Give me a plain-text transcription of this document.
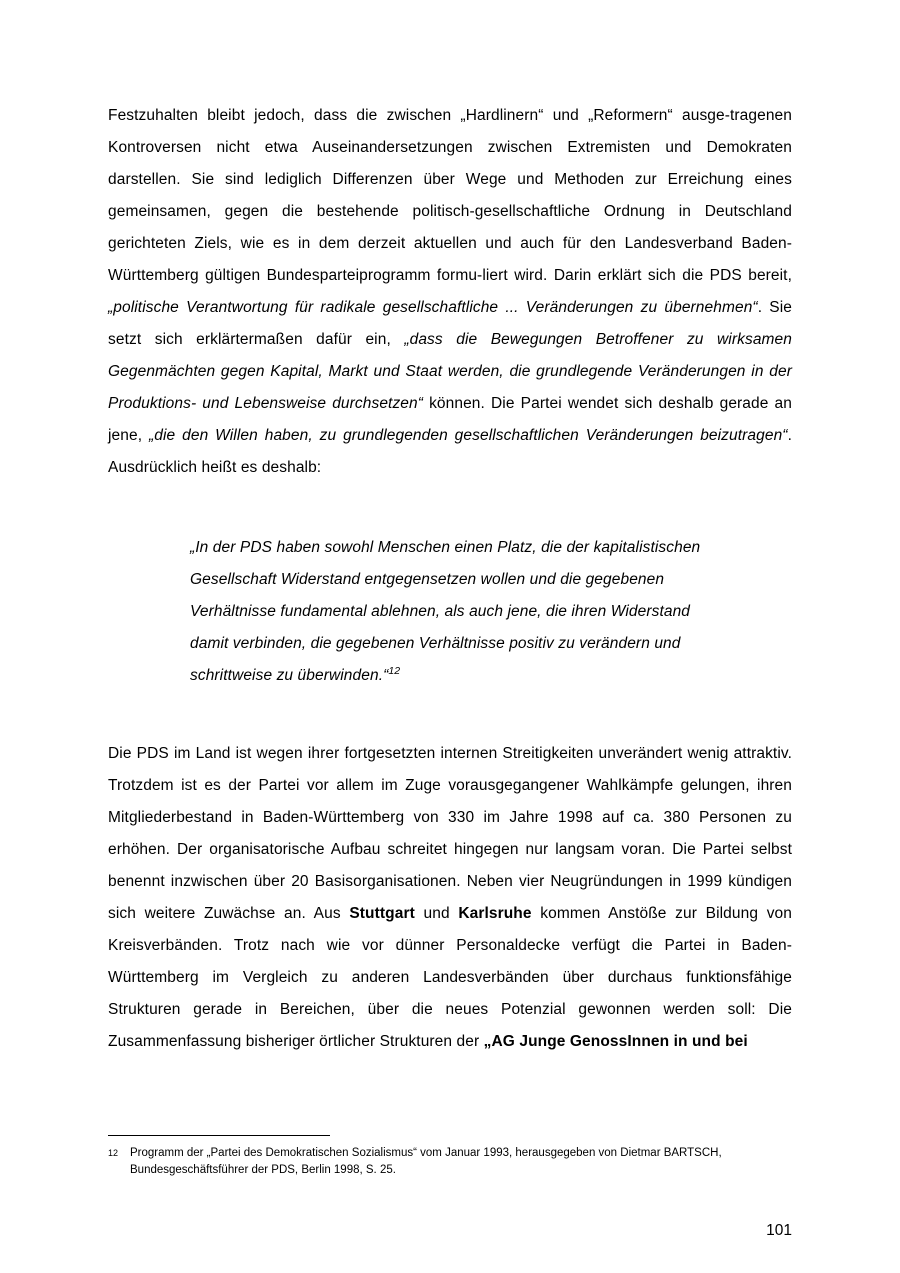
Festzuhalten bleibt jedoch, dass die zwischen „Hardlinern“ und „Reformern“ ausge-tragenen Kontroversen nicht etwa Auseinandersetzungen zwischen Extremisten und Demokraten darstellen. Sie sind lediglich Differenzen über Wege und Methoden zur Erreichung eines gemeinsamen, gegen die bestehende politisch-gesellschaftliche Ordnung in Deutschland gerichteten Ziels, wie es in dem derzeit aktuellen und auch für den Landesverband Baden-Württemberg gültigen Bundesparteiprogramm formu-liert wird. Darin erklärt sich die PDS bereit, „politische Verantwortung für radikale gesellschaftliche ... Veränderungen zu übernehmen“. Sie setzt sich erklärtermaßen dafür ein, „dass die Bewegungen Betroffener zu wirksamen Gegenmächten gegen Kapital, Markt und Staat werden, die grundlegende Veränderungen in der Produktions- und Lebensweise durchsetzen“ können. Die Partei wendet sich deshalb gerade an jene, „die den Willen haben, zu grundlegenden gesellschaftlichen Veränderungen beizutragen“. Ausdrücklich heißt es deshalb:

„In der PDS haben sowohl Menschen einen Platz, die der kapitalistischen Gesellschaft Widerstand entgegensetzen wollen und die gegebenen Verhältnisse fundamental ablehnen, als auch jene, die ihren Widerstand damit verbinden, die gegebenen Verhältnisse positiv zu verändern und schrittweise zu überwinden.“$^{12}$

Die PDS im Land ist wegen ihrer fortgesetzten internen Streitigkeiten unverändert wenig attraktiv. Trotzdem ist es der Partei vor allem im Zuge vorausgegangener Wahlkämpfe gelungen, ihren Mitgliederbestand in Baden-Württemberg von 330 im Jahre 1998 auf ca. 380 Personen zu erhöhen. Der organisatorische Aufbau schreitet hingegen nur langsam voran. Die Partei selbst benennt inzwischen über 20 Basisorganisationen. Neben vier Neugründungen in 1999 kündigen sich weitere Zuwächse an. Aus Stuttgart und Karlsruhe kommen Anstöße zur Bildung von Kreisverbänden. Trotz nach wie vor dünner Personaldecke verfügt die Partei in Baden-Württemberg im Vergleich zu anderen Landesverbänden über durchaus funktionsfähige Strukturen gerade in Bereichen, über die neues Potenzial gewonnen werden soll: Die Zusammenfassung bisheriger örtlicher Strukturen der „AG Junge GenossInnen in und bei

12	Programm der „Partei des Demokratischen Sozialismus“ vom Januar 1993, herausgegeben von Dietmar BARTSCH, Bundesgeschäftsführer der PDS, Berlin 1998, S. 25.
101
